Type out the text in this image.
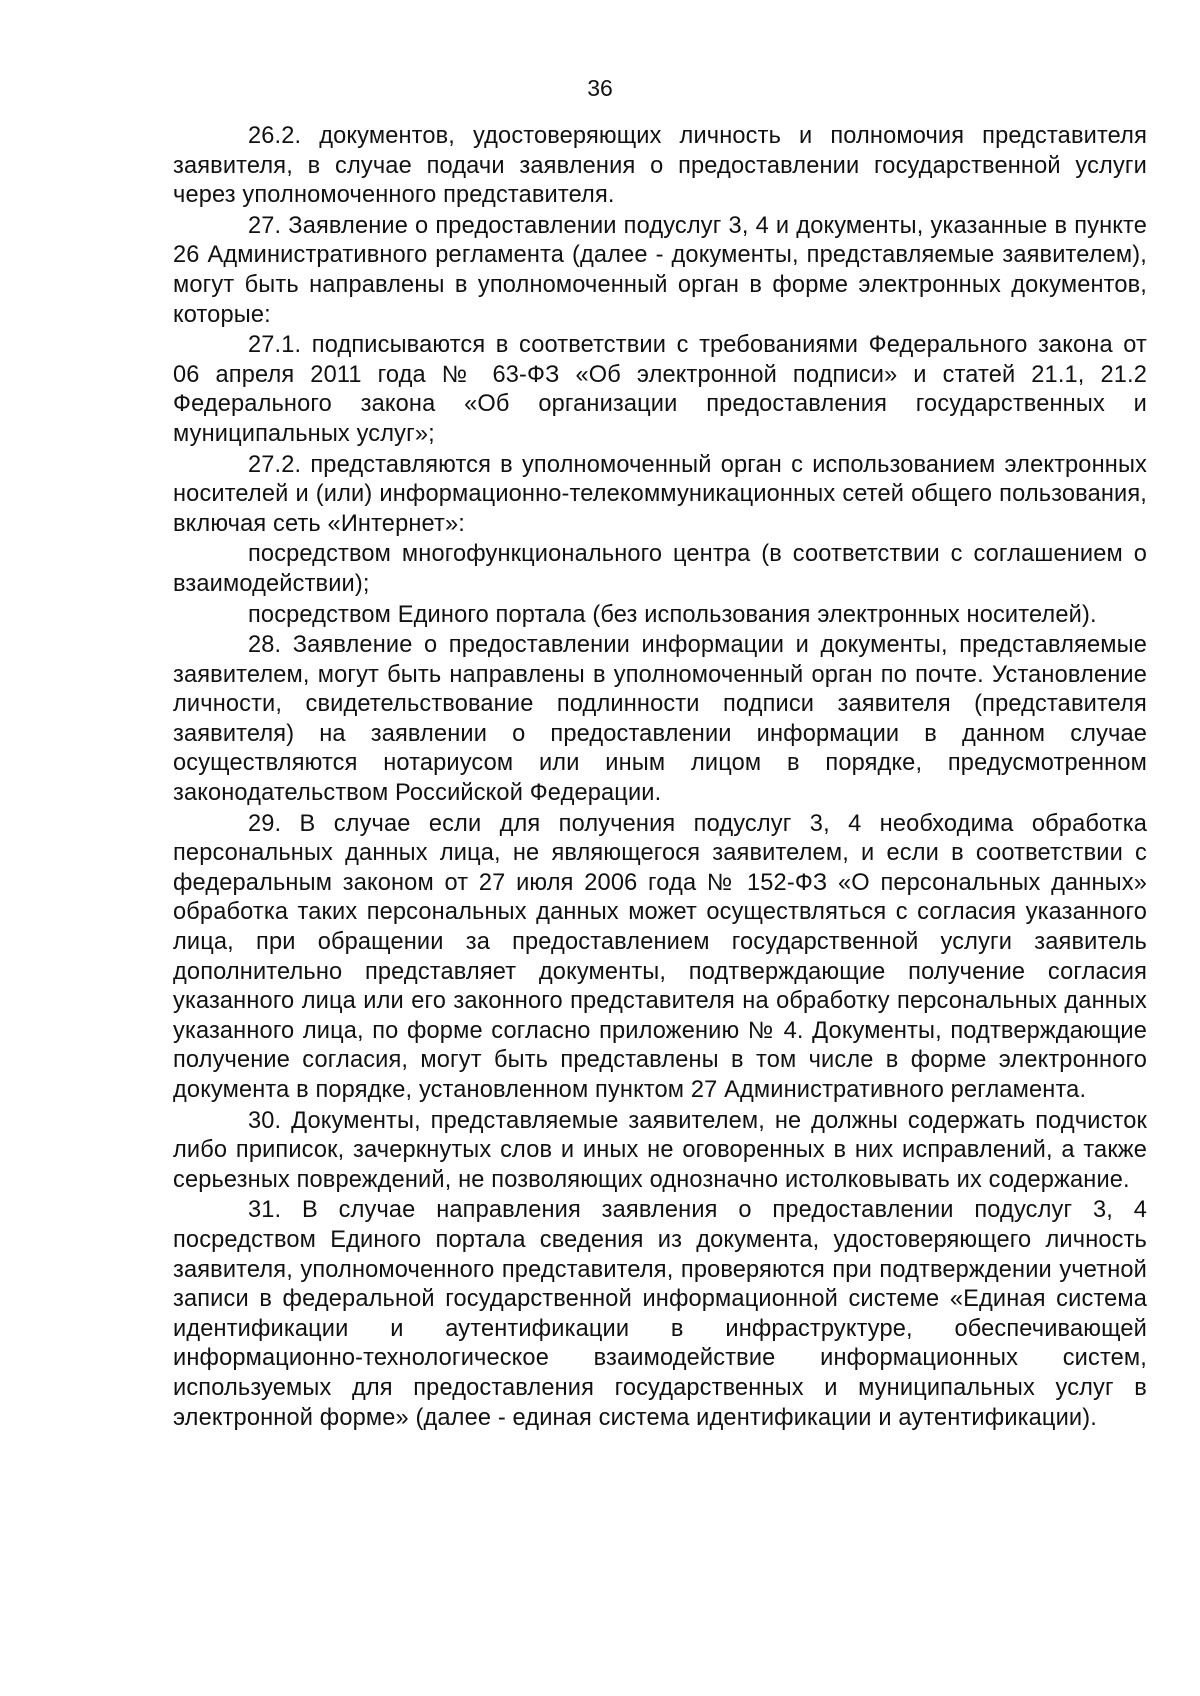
36

26.2. документов, удостоверяющих личность и полномочия представителя заявителя, в случае подачи заявления о предоставлении государственной услуги через уполномоченного представителя.

27. Заявление о предоставлении подуслуг 3, 4 и документы, указанные в пункте 26 Административного регламента (далее - документы, представляемые заявителем), могут быть направлены в уполномоченный орган в форме электронных документов, которые:

27.1. подписываются в соответствии с требованиями Федерального закона от 06 апреля 2011 года № 63-ФЗ «Об электронной подписи» и статей 21.1, 21.2 Федерального закона «Об организации предоставления государственных и муниципальных услуг»;

27.2. представляются в уполномоченный орган с использованием электронных носителей и (или) информационно-телекоммуникационных сетей общего пользования, включая сеть «Интернет»:

посредством многофункционального центра (в соответствии с соглашением о взаимодействии);

посредством Единого портала (без использования электронных носителей).

28. Заявление о предоставлении информации и документы, представляемые заявителем, могут быть направлены в уполномоченный орган по почте. Установление личности, свидетельствование подлинности подписи заявителя (представителя заявителя) на заявлении о предоставлении информации в данном случае осуществляются нотариусом или иным лицом в порядке, предусмотренном законодательством Российской Федерации.

29. В случае если для получения подуслуг 3, 4 необходима обработка персональных данных лица, не являющегося заявителем, и если в соответствии с федеральным законом от 27 июля 2006 года № 152-ФЗ «О персональных данных» обработка таких персональных данных может осуществляться с согласия указанного лица, при обращении за предоставлением государственной услуги заявитель дополнительно представляет документы, подтверждающие получение согласия указанного лица или его законного представителя на обработку персональных данных указанного лица, по форме согласно приложению № 4. Документы, подтверждающие получение согласия, могут быть представлены в том числе в форме электронного документа в порядке, установленном пунктом 27 Административного регламента.

30. Документы, представляемые заявителем, не должны содержать подчисток либо приписок, зачеркнутых слов и иных не оговоренных в них исправлений, а также серьезных повреждений, не позволяющих однозначно истолковывать их содержание.

31. В случае направления заявления о предоставлении подуслуг 3, 4 посредством Единого портала сведения из документа, удостоверяющего личность заявителя, уполномоченного представителя, проверяются при подтверждении учетной записи в федеральной государственной информационной системе «Единая система идентификации и аутентификации в инфраструктуре, обеспечивающей информационно-технологическое взаимодействие информационных систем, используемых для предоставления государственных и муниципальных услуг в электронной форме» (далее - единая система идентификации и аутентификации).
